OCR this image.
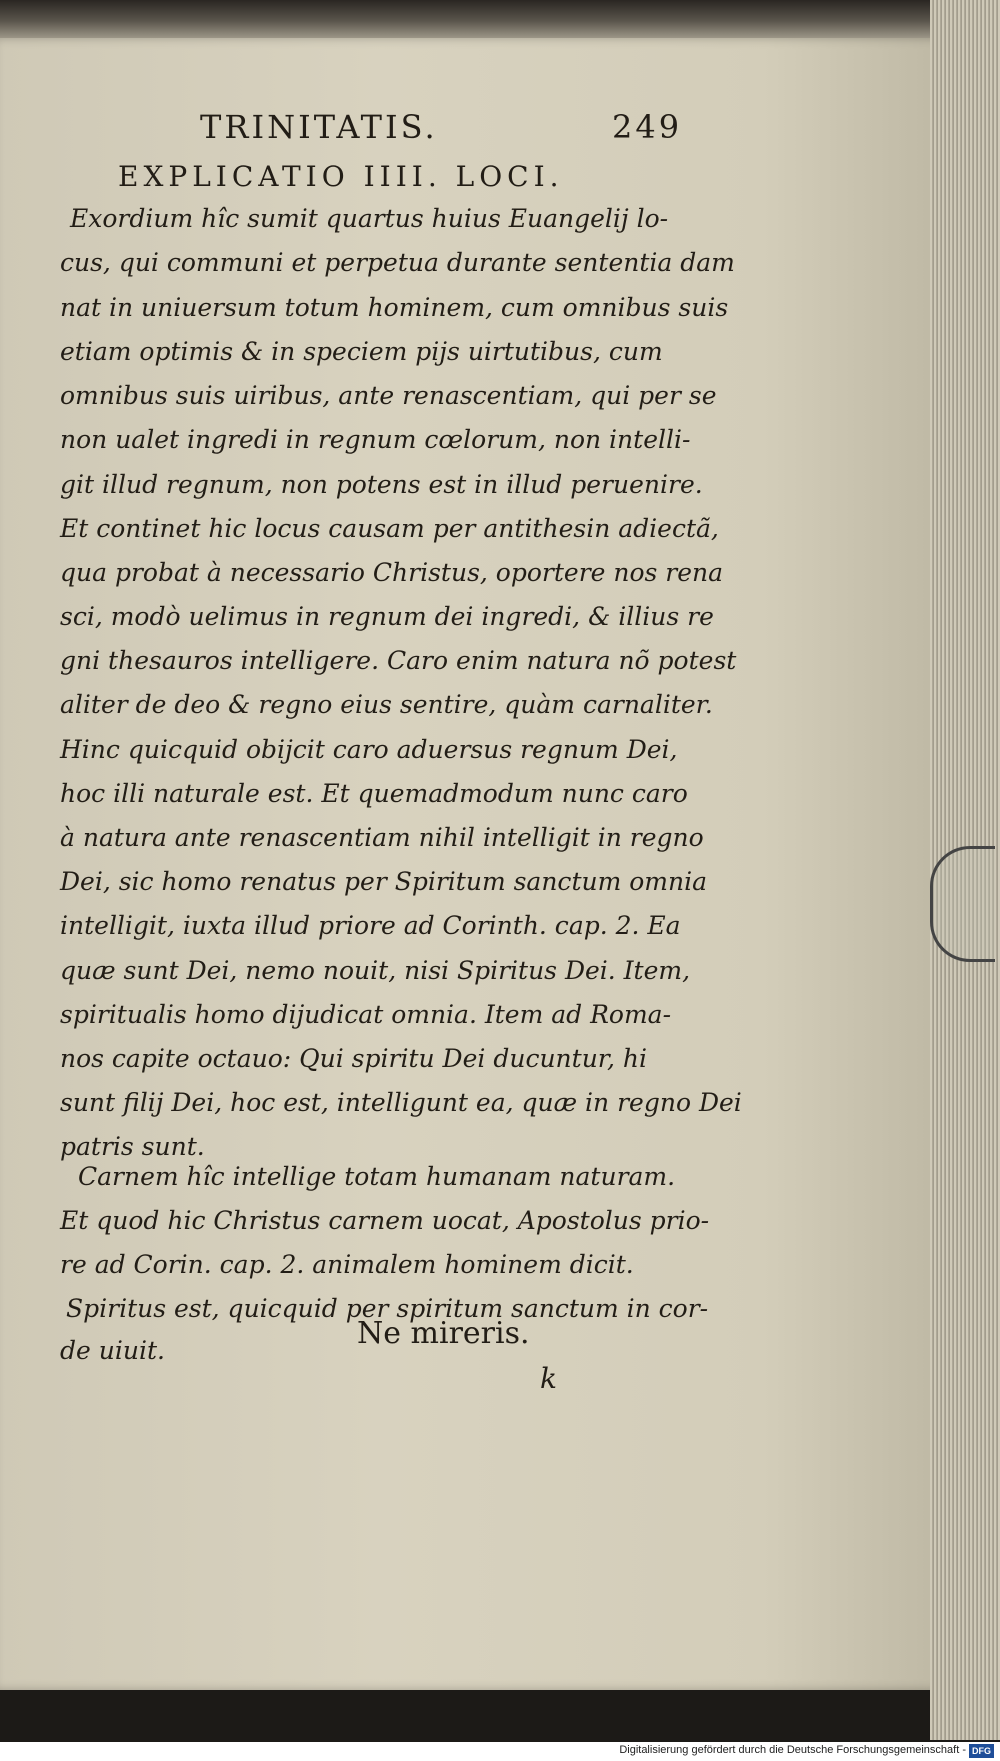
TRINITATIS.	249
EXPLICATIO IIII. LOCI.
Exordium hîc sumit quartus huius Euangelij lo-
cus, qui communi et perpetua durante sententia dam
nat in uniuersum totum hominem, cum omnibus suis
etiam optimis & in speciem pijs uirtutibus, cum
omnibus suis uiribus, ante renascentiam, qui per se
non ualet ingredi in regnum cœlorum, non intelli-
git illud regnum, non potens est in illud peruenire.
Et continet hic locus causam per antithesin adiectã,
qua probat à necessario Christus, oportere nos rena
sci, modò uelimus in regnum dei ingredi, & illius re
gni thesauros intelligere. Caro enim natura nõ potest
aliter de deo & regno eius sentire, quàm carnaliter.
Hinc quicquid obijcit caro aduersus regnum Dei,
hoc illi naturale est. Et quemadmodum nunc caro
à natura ante renascentiam nihil intelligit in regno
Dei, sic homo renatus per Spiritum sanctum omnia
intelligit, iuxta illud priore ad Corinth. cap. 2. Ea
quæ sunt Dei, nemo nouit, nisi Spiritus Dei. Item,
spiritualis homo dijudicat omnia. Item ad Roma-
nos capite octauo: Qui spiritu Dei ducuntur, hi
sunt filij Dei, hoc est, intelligunt ea, quæ in regno Dei
patris sunt.
Carnem hîc intellige totam humanam naturam.
Et quod hic Christus carnem uocat, Apostolus prio-
re ad Corin. cap. 2. animalem hominem dicit.
Spiritus est, quicquid per spiritum sanctum in cor-
de uiuit.	Ne mireris.
k
Digitalisierung gefördert durch die Deutsche Forschungsgemeinschaft - DFG
